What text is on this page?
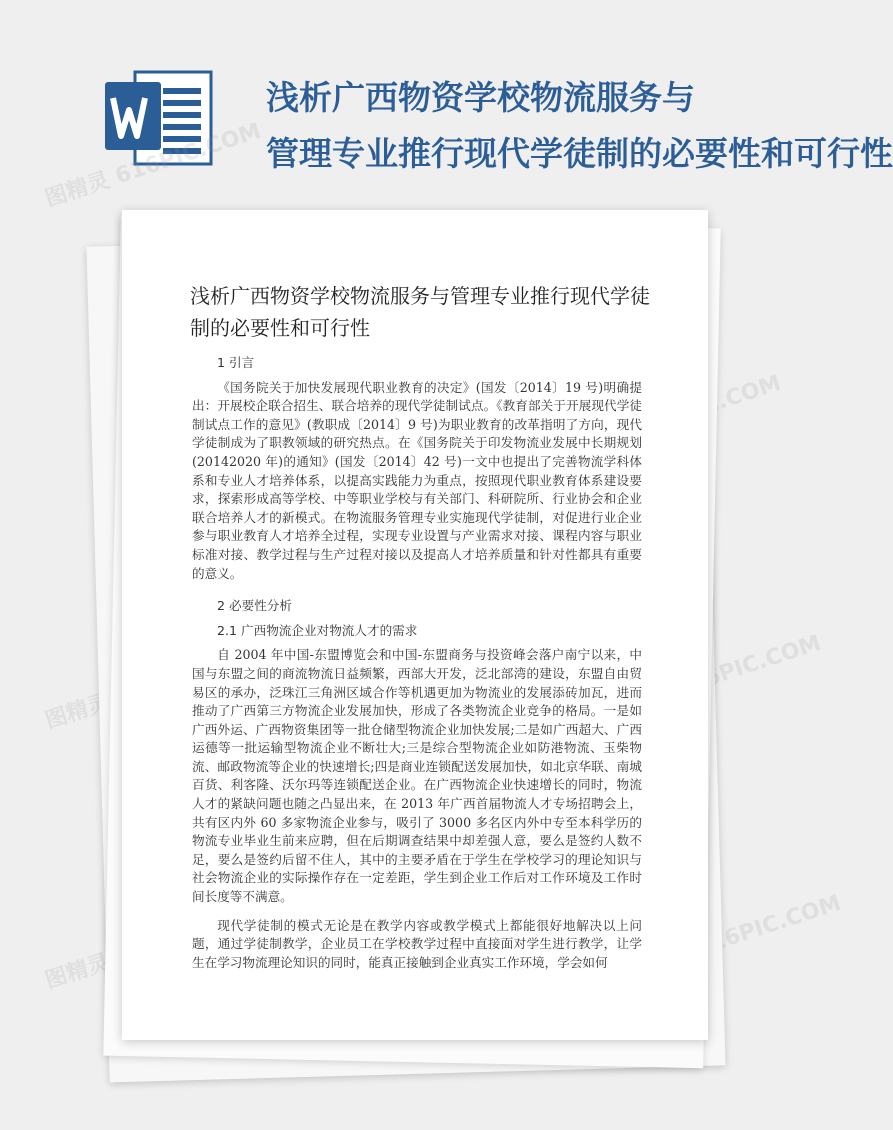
浅析广西物资学校物流服务与
管理专业推行现代学徒制的必要性和可行性
图精灵
图精灵
616PIC.COM
图精灵	图精灵 616PIC.COM
浅析广西物资学校物流服务与管理专业推行现代学徒制的必要性和可行性
1 引言

《国务院关于加快发展现代职业教育的决定》(国发〔2014〕19 号)明确提出：开展校企联合招生、联合培养的现代学徒制试点。《教育部关于开展现代学徒制试点工作的意见》(教职成〔2014〕9 号)为职业教育的改革指明了方向，现代学徒制成为了职教领域的研究热点。在《国务院关于印发物流业发展中长期规划(20142020 年)的通知》(国发〔2014〕42 号)一文中也提出了完善物流学科体系和专业人才培养体系，以提高实践能力为重点，按照现代职业教育体系建设要求，探索形成高等学校、中等职业学校与有关部门、科研院所、行业协会和企业联合培养人才的新模式。在物流服务管理专业实施现代学徒制，对促进行业企业参与职业教育人才培养全过程，实现专业设置与产业需求对接、课程内容与职业标准对接、教学过程与生产过程对接以及提高人才培养质量和针对性都具有重要的意义。

2 必要性分析
2.1 广西物流企业对物流人才的需求

自 2004 年中国-东盟博览会和中国-东盟商务与投资峰会落户南宁以来，中国与东盟之间的商流物流日益频繁，西部大开发，泛北部湾的建设，东盟自由贸易区的承办，泛珠江三角洲区域合作等机遇更加为物流业的发展添砖加瓦，进而推动了广西第三方物流企业发展加快，形成了各类物流企业竞争的格局。一是如广西外运、广西物资集团等一批仓储型物流企业加快发展;二是如广西超大、广西运德等一批运输型物流企业不断壮大;三是综合型物流企业如防港物流、玉柴物流、邮政物流等企业的快速增长;四是商业连锁配送发展加快，如北京华联、南城百货、利客隆、沃尔玛等连锁配送企业。在广西物流企业快速增长的同时，物流人才的紧缺问题也随之凸显出来，在 2013 年广西首届物流人才专场招聘会上，共有区内外 60 多家物流企业参与，吸引了 3000 多名区内外中专至本科学历的物流专业毕业生前来应聘，但在后期调查结果中却差强人意，要么是签约人数不足，要么是签约后留不住人，其中的主要矛盾在于学生在学校学习的理论知识与社会物流企业的实际操作存在一定差距，学生到企业工作后对工作环境及工作时间长度等不满意。

现代学徒制的模式无论是在教学内容或教学模式上都能很好地解决以上问题，通过学徒制教学，企业员工在学校教学过程中直接面对学生进行教学，让学生在学习物流理论知识的同时，能真正接触到企业真实工作环境，学会如何
